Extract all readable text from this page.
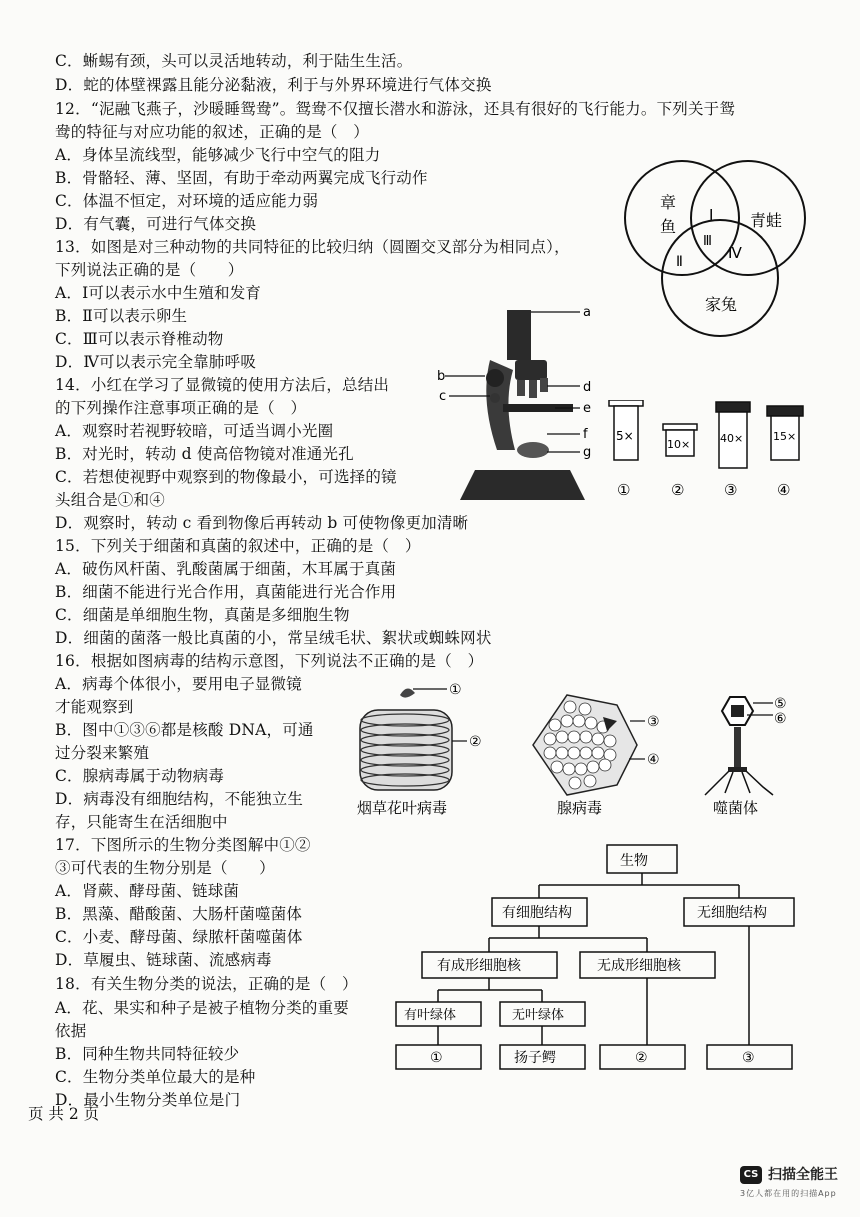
C．蜥蜴有颈，头可以灵活地转动，利于陆生生活。
D．蛇的体壁裸露且能分泌黏液，利于与外界环境进行气体交换
12．“泥融飞燕子，沙暖睡鸳鸯”。鸳鸯不仅擅长潜水和游泳，还具有很好的飞行能力。下列关于鸳
鸯的特征与对应功能的叙述，正确的是（　）
A．身体呈流线型，能够减少飞行中空气的阻力
B．骨骼轻、薄、坚固，有助于牵动两翼完成飞行动作
C．体温不恒定，对环境的适应能力弱
D．有气囊，可进行气体交换
13．如图是对三种动物的共同特征的比较归纳（圆圈交叉部分为相同点），
下列说法正确的是（　　）
A．Ⅰ可以表示水中生殖和发育
B．Ⅱ可以表示卵生
C．Ⅲ可以表示脊椎动物
D．Ⅳ可以表示完全靠肺呼吸
14．小红在学习了显微镜的使用方法后，总结出
的下列操作注意事项正确的是（　）
A．观察时若视野较暗，可适当调小光圈
B．对光时，转动 d 使高倍物镜对准通光孔
C．若想使视野中观察到的物像最小，可选择的镜
头组合是①和④
D．观察时，转动 c 看到物像后再转动 b 可使物像更加清晰
15．下列关于细菌和真菌的叙述中，正确的是（　）
A．破伤风杆菌、乳酸菌属于细菌，木耳属于真菌
B．细菌不能进行光合作用，真菌能进行光合作用
C．细菌是单细胞生物，真菌是多细胞生物
D．细菌的菌落一般比真菌的小，常呈绒毛状、絮状或蜘蛛网状
16．根据如图病毒的结构示意图，下列说法不正确的是（　）
A．病毒个体很小，要用电子显微镜
才能观察到
B．图中①③⑥都是核酸 DNA，可通
过分裂来繁殖
C．腺病毒属于动物病毒
D．病毒没有细胞结构，不能独立生
存，只能寄生在活细胞中
17．下图所示的生物分类图解中①②
③可代表的生物分别是（　　）
A．肾蕨、酵母菌、链球菌
B．黑藻、醋酸菌、大肠杆菌噬菌体
C．小麦、酵母菌、绿脓杆菌噬菌体
D．草履虫、链球菌、流感病毒
18．有关生物分类的说法，正确的是（　）
A．花、果实和种子是被子植物分类的重要
依据
B．同种生物共同特征较少
C．生物分类单位最大的是种
D．最小生物分类单位是门
章
鱼	青蛙
家兔
Ⅰ
Ⅱ
Ⅲ
Ⅳ
a
b
c
d
e
f
g
5×
①
10×
②
40×
③
15×
④
①
②
烟草花叶病毒
③
④
腺病毒
⑤
⑥
噬菌体
生物
有细胞结构	无细胞结构
有成形细胞核	无成形细胞核
有叶绿体	无叶绿体
①	扬子鳄	②	③
页 共 2 页
CS 扫描全能王
3亿人都在用的扫描App
